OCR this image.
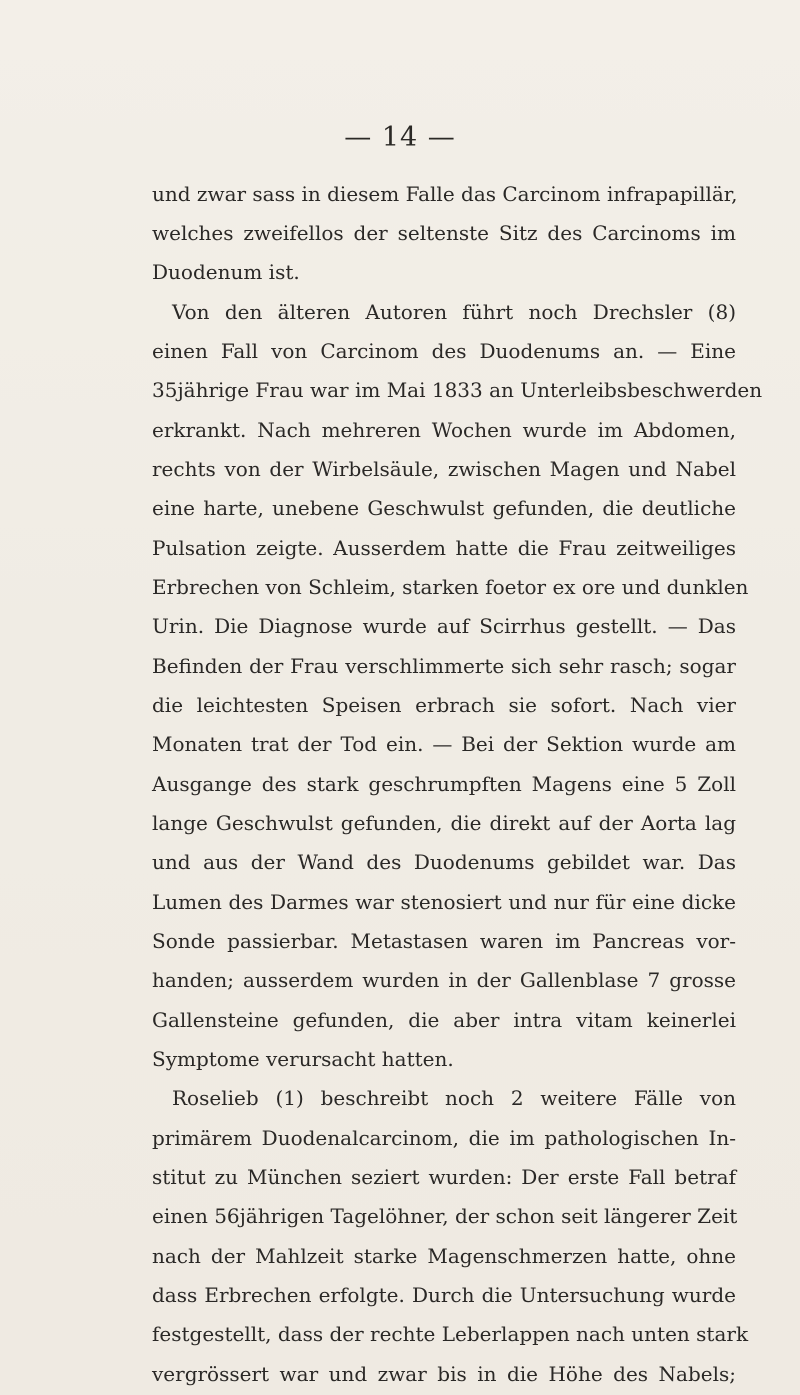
— 14 —
und zwar sass in diesem Falle das Carcinom infrapapillär,
welches zweifellos der seltenste Sitz des Carcinoms im
Duodenum ist.
Von den älteren Autoren führt noch Drechsler (8)
einen Fall von Carcinom des Duodenums an. — Eine
35jährige Frau war im Mai 1833 an Unterleibsbeschwerden
erkrankt. Nach mehreren Wochen wurde im Abdomen,
rechts von der Wirbelsäule, zwischen Magen und Nabel
eine harte, unebene Geschwulst gefunden, die deutliche
Pulsation zeigte. Ausserdem hatte die Frau zeitweiliges
Erbrechen von Schleim, starken foetor ex ore und dunklen
Urin. Die Diagnose wurde auf Scirrhus gestellt. — Das
Befinden der Frau verschlimmerte sich sehr rasch; sogar
die leichtesten Speisen erbrach sie sofort. Nach vier
Monaten trat der Tod ein. — Bei der Sektion wurde am
Ausgange des stark geschrumpften Magens eine 5 Zoll
lange Geschwulst gefunden, die direkt auf der Aorta lag
und aus der Wand des Duodenums gebildet war. Das
Lumen des Darmes war stenosiert und nur für eine dicke
Sonde passierbar. Metastasen waren im Pancreas vor-
handen; ausserdem wurden in der Gallenblase 7 grosse
Gallensteine gefunden, die aber intra vitam keinerlei
Symptome verursacht hatten.
Roselieb (1) beschreibt noch 2 weitere Fälle von
primärem Duodenalcarcinom, die im pathologischen In-
stitut zu München seziert wurden: Der erste Fall betraf
einen 56jährigen Tagelöhner, der schon seit längerer Zeit
nach der Mahlzeit starke Magenschmerzen hatte, ohne
dass Erbrechen erfolgte. Durch die Untersuchung wurde
festgestellt, dass der rechte Leberlappen nach unten stark
vergrössert war und zwar bis in die Höhe des Nabels;
